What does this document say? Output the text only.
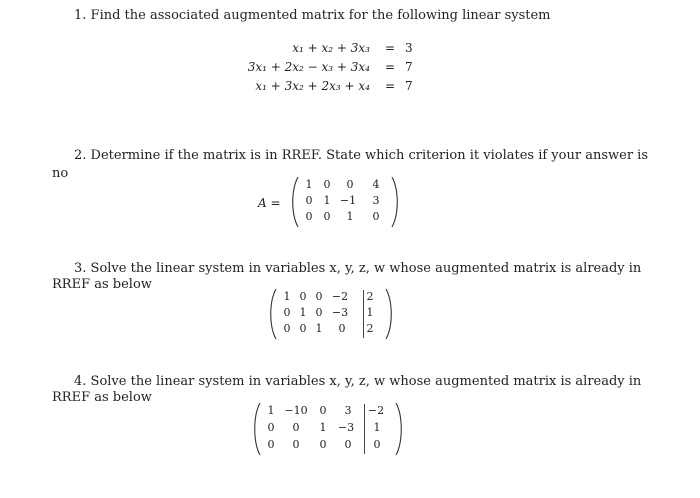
1. Find the associated augmented matrix for the following linear system
x₁ + x₂ + 3x₃ = 3
3x₁ + 2x₂ − x₃ + 3x₄ = 7
x₁ + 3x₂ + 2x₃ + x₄ = 7
2. Determine if the matrix is in RREF. State which criterion it violates if your answer is
no
A =
1	0	0	4
0	1 −1	3
0	0	1	0
3. Solve the linear system in variables x, y, z, w whose augmented matrix is already in
RREF as below
1 0 0 −2	2
0 1 0 −3	1
0 0 1	0	2
4. Solve the linear system in variables x, y, z, w whose augmented matrix is already in
RREF as below
1 −10	0	3	−2
0	0	1	−3	1
0	0	0	0	0
